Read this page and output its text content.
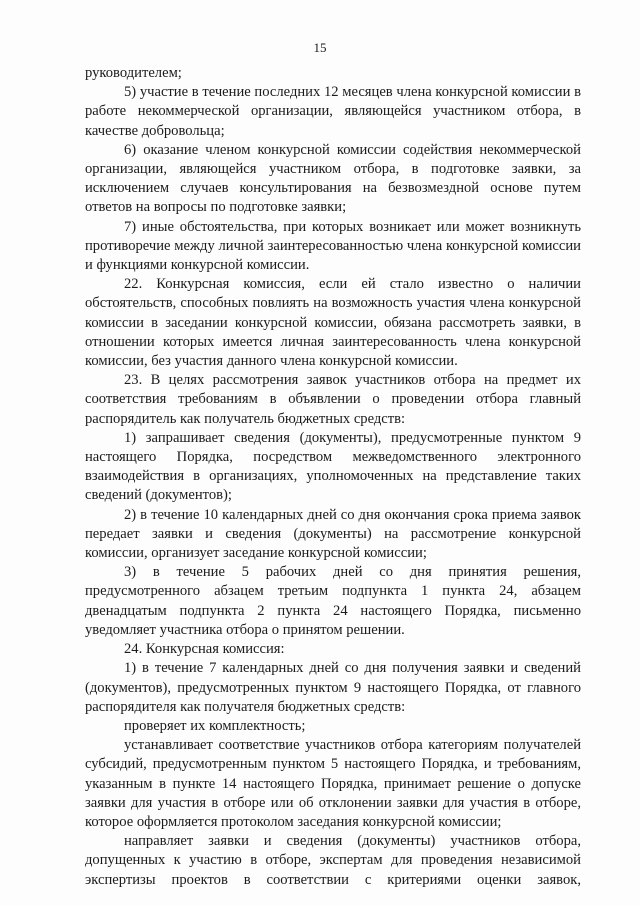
15

руководителем;

5) участие в течение последних 12 месяцев члена конкурсной комиссии в работе некоммерческой организации, являющейся участником отбора, в качестве добровольца;

6) оказание членом конкурсной комиссии содействия некоммерческой организации, являющейся участником отбора, в подготовке заявки, за исключением случаев консультирования на безвозмездной основе путем ответов на вопросы по подготовке заявки;

7) иные обстоятельства, при которых возникает или может возникнуть противоречие между личной заинтересованностью члена конкурсной комиссии и функциями конкурсной комиссии.

22. Конкурсная комиссия, если ей стало известно о наличии обстоятельств, способных повлиять на возможность участия члена конкурсной комиссии в заседании конкурсной комиссии, обязана рассмотреть заявки, в отношении которых имеется личная заинтересованность члена конкурсной комиссии, без участия данного члена конкурсной комиссии.

23. В целях рассмотрения заявок участников отбора на предмет их соответствия требованиям в объявлении о проведении отбора главный распорядитель как получатель бюджетных средств:

1) запрашивает сведения (документы), предусмотренные пунктом 9 настоящего Порядка, посредством межведомственного электронного взаимодействия в организациях, уполномоченных на представление таких сведений (документов);

2) в течение 10 календарных дней со дня окончания срока приема заявок передает заявки и сведения (документы) на рассмотрение конкурсной комиссии, организует заседание конкурсной комиссии;

3) в течение 5 рабочих дней со дня принятия решения, предусмотренного абзацем третьим подпункта 1 пункта 24, абзацем двенадцатым подпункта 2 пункта 24 настоящего Порядка, письменно уведомляет участника отбора о принятом решении.

24. Конкурсная комиссия:

1) в течение 7 календарных дней со дня получения заявки и сведений (документов), предусмотренных пунктом 9 настоящего Порядка, от главного распорядителя как получателя бюджетных средств:

проверяет их комплектность;

устанавливает соответствие участников отбора категориям получателей субсидий, предусмотренным пунктом 5 настоящего Порядка, и требованиям, указанным в пункте 14 настоящего Порядка, принимает решение о допуске заявки для участия в отборе или об отклонении заявки для участия в отборе, которое оформляется протоколом заседания конкурсной комиссии;

направляет заявки и сведения (документы) участников отбора, допущенных к участию в отборе, экспертам для проведения независимой экспертизы проектов в соответствии с критериями оценки заявок,
